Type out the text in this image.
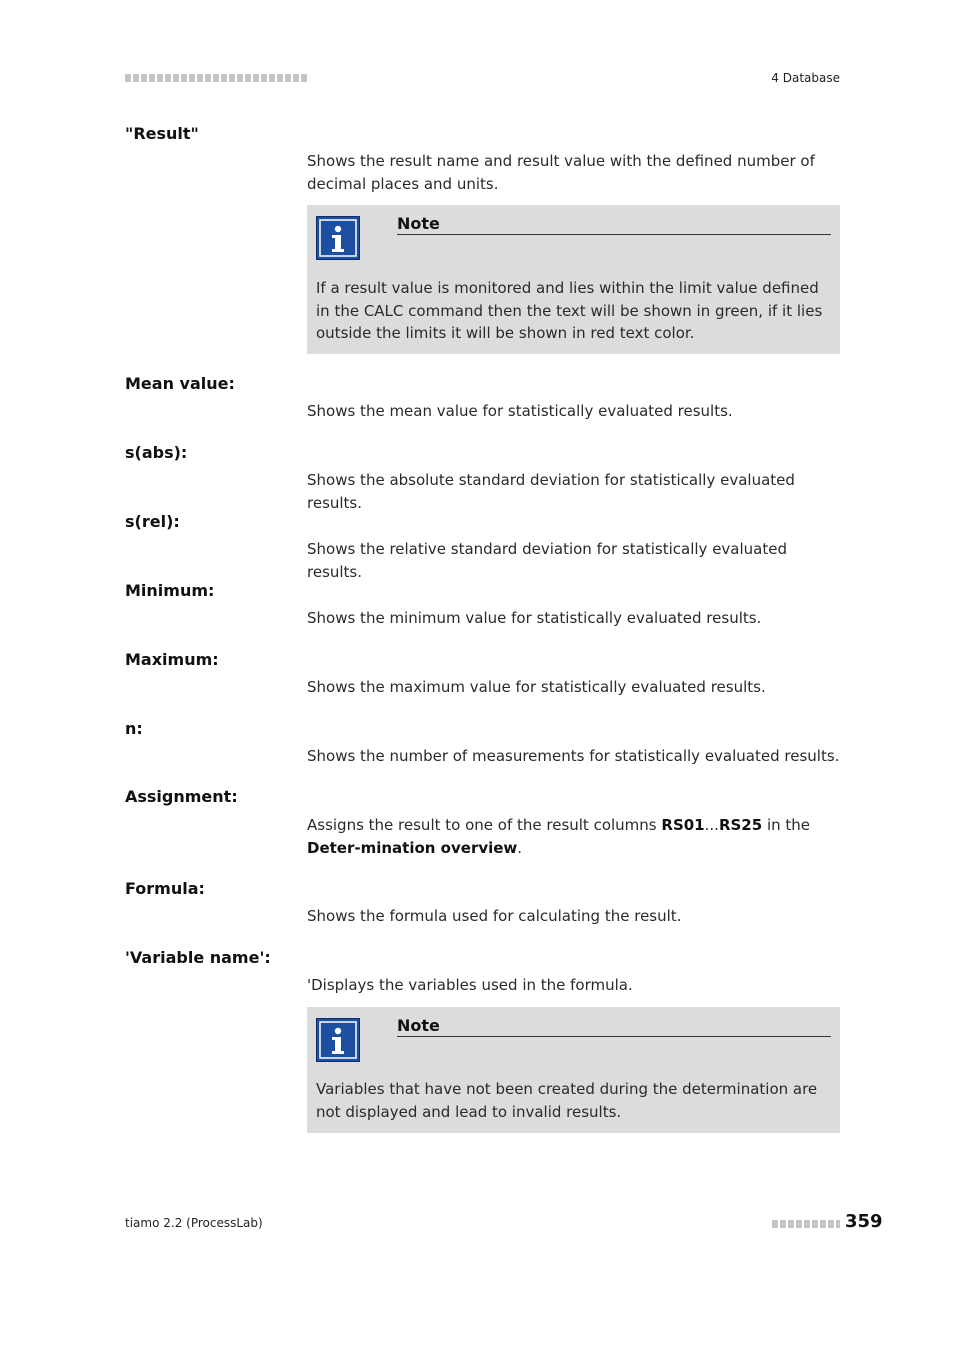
4 Database
"Result"
Shows the result name and result value with the defined number of decimal places and units.
Note
If a result value is monitored and lies within the limit value defined in the CALC command then the text will be shown in green, if it lies outside the limits it will be shown in red text color.
Mean value:
Shows the mean value for statistically evaluated results.
s(abs):
Shows the absolute standard deviation for statistically evaluated results.
s(rel):
Shows the relative standard deviation for statistically evaluated results.
Minimum:
Shows the minimum value for statistically evaluated results.
Maximum:
Shows the maximum value for statistically evaluated results.
n:
Shows the number of measurements for statistically evaluated results.
Assignment:
Assigns the result to one of the result columns RS01...RS25 in the Deter-mination overview.
Formula:
Shows the formula used for calculating the result.
'Variable name':
'Displays the variables used in the formula.
Note
Variables that have not been created during the determination are not displayed and lead to invalid results.
tiamo 2.2 (ProcessLab)	359
